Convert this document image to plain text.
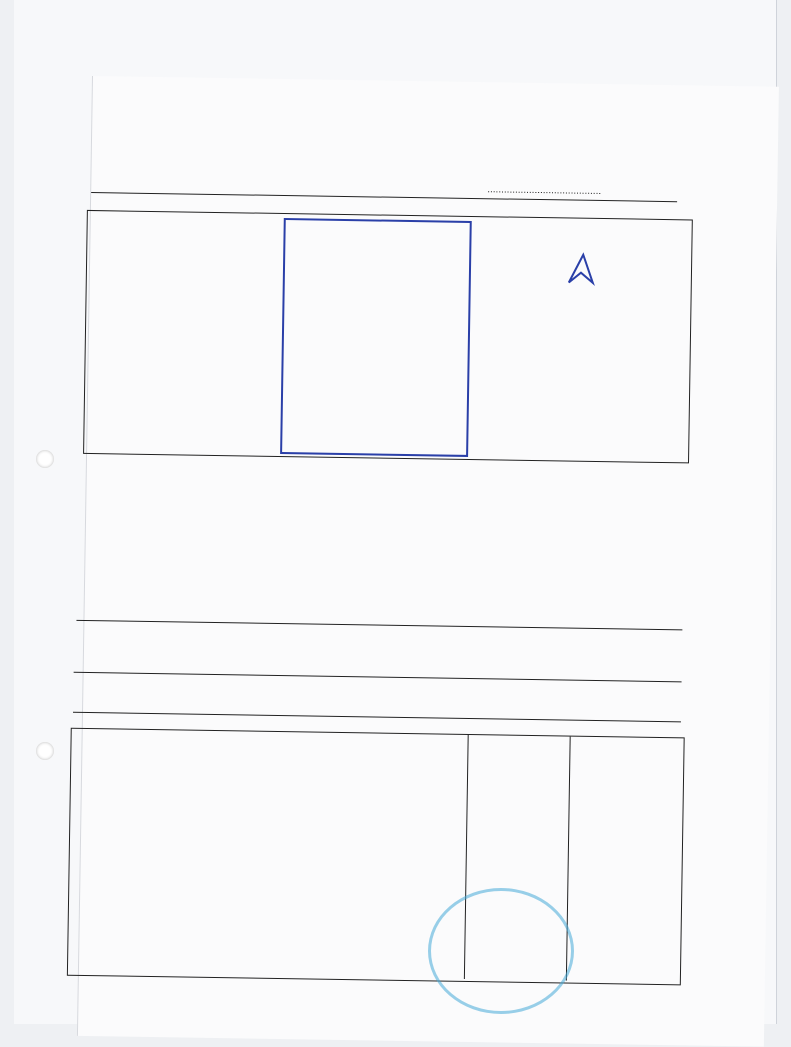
.........................................
